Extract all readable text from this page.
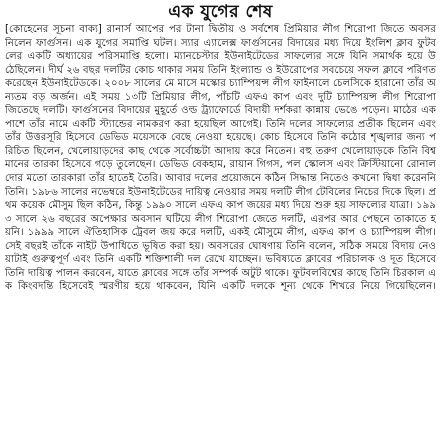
এক যুগের শেষ

[কোহেনের সূচনা বাক্য] রানার্স আপের পর টানা দ্বিতীয় ও সর্বশেষ প্রিমিয়ার লীগ শিরোপা জিতে অবসর নিলেন ফার্গুসন। এক যুগের সমাপ্তি ঘটল। স্যার এ্যালেক্স ফার্গুসনের বিদায়ের মধ্য দিয়ে ইংলিশ ক্লাব ফুটবলের একটি অধ্যায়ের পরিসমাপ্তি হলো। ম্যানচেস্টার ইউনাইটেডের সাফল্যের সঙ্গে যিনি সমার্থক হয়ে উঠেছিলেন। দীর্ঘ ২৬ বছর দলটির কোচ থাকার সময় তিনি ইংল্যান্ড ও ইউরোপের সবচেয়ে সফল ক্লাবে পরিণত করেছেন ইউনাইটেডকে। ২০০৮ সালের মে মাসে মস্কোর চ্যাম্পিয়ন্স লীগ ফাইনালে চেলসিকে হারানো তাঁর অন্যতম বড় অর্জন। এই সময় ১৩টি প্রিমিয়ার লীগ, পাঁচটি এফএ কাপ এবং দুটি চ্যাম্পিয়ন্স লীগ শিরোপা জিতেছে দলটি। ফার্গুসনের বিদায়ের মুহূর্তে ওল্ড ট্র্যাফোর্ডে বিদায়ী দর্শকরা কান্নায় ভেঙে পড়েন। মাঠের এক পাশে তাঁর নামে একটি স্ট্যান্ডের নামকরণ করা হয়েছিল আগেই। তিনি দলের সাফল্যের প্রতীক ছিলেন এবং তাঁর উত্তরসূরি হিসেবে ডেভিড ময়েসকে বেছে নেওয়া হয়েছে। কোচ হিসেবে তিনি কঠোর শৃঙ্খলার জন্য পরিচিত ছিলেন, খেলোয়াড়দের কাছ থেকে সর্বোচ্চটা আদায় করে নিতেন। বহু তরুণ খেলোয়াড়কে তিনি বিশ্বমানের তারকা হিসেবে গড়ে তুলেছেন। ডেভিড বেকহাম, রায়ান গিগস, পল স্কোলস এবং ক্রিস্টিয়ানো রোনালদোর মতো তারকারা তাঁর হাতেই তৈরি। আবার দলের প্রয়োজনে কঠিন সিদ্ধান্ত নিতেও কখনো দ্বিধা করেননি তিনি। ১৯৮৬ সালের নভেম্বরে ইউনাইটেডের দায়িত্ব নেওয়ার সময় দলটি লীগ টেবিলের নিচের দিকে ছিল। প্রথম কয়েক মৌসুম ছিল কঠিন, কিন্তু ১৯৯০ সালে এফএ কাপ জয়ের মধ্য দিয়ে শুরু হয় সাফল্যের যাত্রা। ১৯৯৩ সালে ২৬ বছরের অপেক্ষার অবসান ঘটিয়ে লীগ শিরোপা জেতে দলটি, এরপর আর পেছনে তাকাতে হয়নি। ১৯৯৯ সালে ঐতিহাসিক ট্রেবল জয় করে দলটি, একই মৌসুমে লীগ, এফএ কাপ ও চ্যাম্পিয়ন্স লীগ। সেই বছরই তাঁকে নাইট উপাধিতে ভূষিত করা হয়। অবসরের ঘোষণায় তিনি বলেন, সঠিক সময়ে বিদায় নেওয়াটাই গুরুত্বপূর্ণ এবং তিনি একটি শক্তিশালী দল রেখে যাচ্ছেন। ভবিষ্যতে ক্লাবের পরিচালক ও দূত হিসেবে তিনি দায়িত্ব পালন করবেন, যাতে ক্লাবের সঙ্গে তাঁর সম্পর্ক অটুট থাকে। ফুটবলবিশ্বের কাছে তিনি চিরকাল এক কিংবদন্তি হিসেবেই স্মরণীয় হয়ে থাকবেন, যিনি একটি দলকে শূন্য থেকে শিখরে নিয়ে গিয়েছিলেন।
